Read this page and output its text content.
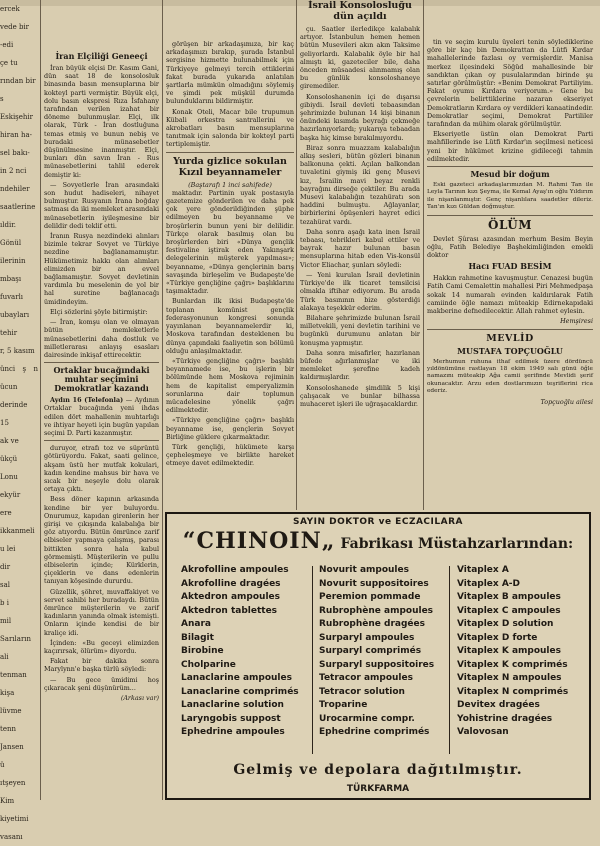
ercek
vede bir
-edi
çe tu
rından bir
s
Eskişehir
hiran ha-
sel bakı-
in 2 nci
ndehiler
saatlerine
ıldir. Gönül
ilerinin
mbaşı
fuvarlı
ubayları
tehir
r, 5 kasım
ünci ş n ücun
derinde 15
ak ve
ükçü
Lonu
ekyür
ere
ikkanmeli
u lei
dir
sal
b i
mil
Sarıların
ali
tenman
kişa
lüvme
tenn
Jansen
ü
ıtşeyen
Kim
kiyetimi
vasanı
İran Elçiliği Geneeçi

İran büyük elçisi Dr. Kasım Gani, dün saat 18 de konsolosluk binasında basın mensuplarına bir kokteyl parti vermiştir. Büyük elçi, dolu basın ekspresi Rıza İsfahany tarafından verilen izahat bir döneme bulunmuşlar. Elçi, ilk olarak, Türk - İran dostluğuna temas etmiş ve bunun nebiş ve buradaki münasebetler düşünülmesine inanmıştır. Elçi, bunları dün savın İran - Rus münasebetlerini tahlil ederek demiştir ki:

— Sovyetlerle İran arasındaki son hudut hadiseleri, nihayet bulmuştur. Rusyanın İrana boğday satması da iki memleket arasındaki münasebetlerin iyileşmesine bir delildir dedi teklif etti.

İranın Rusya nezdindeki alınları bizimle tekrar Sovyet ve Türkiye nezdine bağlanamamıştır. Hükümetimiz hakkı olan alımları elimizden bir an evvel bağlamamıştır. Sovyet devletinin vardımla bu meselenin de yol bir hal suretine bağlanacağı ümidindeyim.

Elçi sözlerini şöyle bitirmiştir:

— İran, komşu olan ve olmayan bütün memleketlerle münasebetlerini daha dostluk ve milletlerarası anlayış esasları dairesinde inkişaf ettirecektir.

Ortaklar bucağındaki muhtar seçimini Demokratlar kazandı

Aydın 16 (Telefonla) — Aydının Ortaklar bucağında yeni ihdas edilen dört mahallenin muhtarlığı ve ihtiyar heyeti için bugün yapılan seçimi D. Parti kazanmıştır.

duruyor, etrafı toz ve süprüntü götürüyordu. Fakat, saati gelince, akşam üstü her mutfak kokulari, kadın kendine mahsus bir hava ve sıcak bir neşeyle dolu olarak ortaya çıktı.

Bess döner kapının arkasında kendine bir yer buluyordu. Onurumuz, kapıdan girenlerin her girişi ve çıkışında kalabalığa bir göz atıyordu. Bütün ömrünce zarif elbiseler yapmaya çalışmış, parası bittikten sonra hala kabul görmemişti. Müşterilerin ve pullu elbiselerin içinde; Kürklerin, çiçeklerin ve dans edenlerin tanıyan köşesinde dururdu.

Güzellik, şöhret, muvaffakiyet ve servet sahibi her buradaydı. Bütün ömrünce müşterilerin ve zarif kadınların yanında olmak istemişti. Onların içinde kendisi de bir kraliçe idi.

İçinden: «Bu geceyi elimizden kaçırırsak, ölürüm» diyordu.

Fakat bir dakika sonra Marylynn'e başka türlü söyledi:

— Bu gece ümidimi hoş çıkaracak şeni düşünürüm...

(Arkası var)

görüşen bir arkadaşımıza, bir kaç arkadaşımızı bırakıp, şurada İstanbul sergisine hizmette bulunabilmek için Türkiyeye gelmeyi tercih ettiklerini fakat burada yukarıda anlatılan şartlarla mümkün olmadığını söylemiş ve şimdi pek müşkül durumda bulunduklarını bildirmiştir.

Konak Oteli, Macar bile trupumun Kübali orkestra santrallerini ve akrobatları basın mensuplarına tanıtmak için salonda bir kokteyl parti tertiplemiştir.

Yurda gizlice sokulan Kızıl beyannameler
(Baştarafı 1 inci sahifede)

maktadır. Partinin uyak postasıyla gazetemize gönderilen ve daha pek çok yere gönderildiğinden şüphe edilmeyen bu beyanname ve broşürlerin bunun yeni bir delilidir. Türkçe olarak basılmış olan bu broşürlerden biri «Dünya gençlik festivaline iştirak eden Yakınşark delegelerinin müşterek yapılması»; beyanname, «Dünya gençlerinin barış savaşında birleşelim ve Budapeşte'de «Türkiye gençliğine çağrı» başlıklarını taşımaktadır.

Bunlardan ilk ikisi Budapeşte'de toplanan komünist gençlik federasyonunun kongresi sonunda yayınlanan beyannamelerdir ki, Moskova tarafından desteklenen bu dünya çapındaki faaliyetin son bölümü olduğu anlaşılmaktadır.

«Türkiye gençliğine çağrı» başlıklı beyannamede ise, bu işlerin bir bölümünde hem Moskova rejiminin hem de kapitalist emperyalizmin sorunlarına dair toplumun mücadelesine yönelik çağrı edilmektedir.

«Türkiye gençliğine çağrı» başlıklı beyanname ise, gençlerin Sovyet Birliğine güklere çıkarmaktadır.

Türk gençliği, hükümete karşı çepheleşmeye ve birlikte hareket etmeye davet edilmektedir.

İsrail Konsolosluğu dün açıldı

çu. Saatler ilerledikçe kalabalık artıyor. İstanbulun hemen hemen bütün Musevileri akın akın Taksime geliyorlardı. Kalabalık öyle bir hal almıştı ki, gazeteciler bile, daha önceden müsaadesi alınmamış olan bu günlük konsoloshaneye giremediler.

Konsoloshanenin içi de dışarısı gibiydi. İsrail devleti tebaasından şehrimizde bulunan 14 kişi binanın önündeki kısımda beyrağı çekmeğe hazırlanıyorlardı; yukarıya tebaadan başka hiç kimse bırakılmıyordu.

Biraz sonra muazzam kalabalığın alkış sesleri, bütün gözleri binanın balkonuna çekti. Açılan balkondan tuvaletini giymiş iki genç Musevi kız, İsrailin mavi beyaz renkli bayrağını dirseğe çektiler. Bu arada Musevi kalabalığın tezahüratı son haddini bulmuştu. Ağlayanlar, birbirlerini öpüşenleri hayret edici tezahürat vardı.

Daha sonra aşağı kata inen İsrail tebaası, tebrikleri kabul ettiler ve bayrak hazır bulunan basın mensuplarına hitab eden Vis-konsül Victor Eliachar, şunları söyledi:

— Yeni kurulan İsrail devletinin Türkiye'de ilk ticaret temsilcisi olmakla iftihar ediyorum. Bu arada Türk basınının bize gösterdiği alakaya teşekkür ederim.

Bilahare şehrimizde bulunan İsrail milletvekili, yeni devletin tarihini ve bugünkü durumunu anlatan bir konuşma yapmıştır.

Daha sonra misafirler, hazırlanan büfede ağırlanmışlar ve iki memleket şerefine kadeh kaldırmışlardır.

Konsoloshanede şimdilik 5 kişi çalışacak ve bunlar bilhassa muhaceret işleri ile uğraşacaklardır.

tin ve seçim kurulu üyeleri tenin söylediklerine göre bir kaç bin Demokrattan da Lütfi Kırdar mahallelerinde fazlası oy vermişlerdir. Manisa merkez ilçesindeki Söğüd mahallesinde bir sandıktan çıkan oy pusulalarından birinde şu satırlar görülmüştür: «Benim Demokrat Partiliyim. Fakat oyumu Kırdara veriyorum.» Gene bu çevrelerin belirttiklerine nazaran ekseriyet Demokratların Kırdara oy verdikleri kanaatindedir. Demokratlar seçimi, Demokrat Partililer tarafından da mühim olarak görülmüştür.

Ekseriyetle üstün olan Demokrat Parti mahfillerinde ise Lütfi Kırdar'ın seçilmesi neticesi yeni bir hükümet krizine gidileceği tahmin edilmektedir.

Mesud bir doğum

Eski gazeteci arkadaşlarımızdan M. Rahmi Tan ile Leyla Tarının kızı Şeyma, ile Kemal Ayaş'ın oğlu Yıldırım ile nişanlanmıştır. Genç nişanlılara saadetler dileriz. Tan'ın kızı Güldan doğmuştur.

ÖLÜM

Devlet Şûrası azasından merhum Besim Beyin oğlu, Fatih Belediye Başhekimliğinden emekli doktor

Hacı FUAD BESİM

Hakkın rahmetine kavuşmuştur. Cenazesi bugün Fatih Cami Cemalettin mahallesi Piri Mehmedpaşa sokak 14 numaralı evinden kaldırılarak Fatih camiinde öğle namazı müteakip Edirnekapıdaki makberine defnedilecektir. Allah rahmet eylesin.

Hemşiresi
MEVLİD
MUSTAFA TOPÇUOĞLU

Merhumun ruhuna ithaf edilmek üzere dördüncü yıldönümüne rastlayan 18 ekim 1949 salı günü öğle namazını müteakip Ağa camii şerifinde Mevlidi şerif okunacaktır. Arzu eden dostlarımızın teşriflerini rica ederiz.

Topçuoğlu ailesi
SAYIN DOKTOR ve ECZACILARA
“CHINOIN„ Fabrikası Müstahzarlarından:
Akrofolline ampoules
Akrofolline dragées
Aktedron ampoules
Aktedron tablettes
Anara
Bilagit
Birobine
Cholparine
Lanaclarine ampoules
Lanaclarine comprimés
Lanaclarine solution
Laryngobis suppost
Ephedrine ampoules
Novurit ampoules
Novurit suppositoires
Peremion pommade
Rubrophène ampoules
Rubrophène dragées
Surparyl ampoules
Surparyl comprimés
Surparyl suppositoires
Tetracor ampoules
Tetracor solution
Troparine
Urocarmine compr.
Ephedrine comprimés
Vitaplex A
Vitaplex A-D
Vitaplex B ampoules
Vitaplex C ampoules
Vitaplex D solution
Vitaplex D forte
Vitaplex K ampoules
Vitaplex K comprimés
Vitaplex N ampoules
Vitaplex N comprimés
Devitex dragées
Yohistrine dragées
Valovosan
Gelmiş ve depolara dağıtılmıştır.
TÜRKFARMA
